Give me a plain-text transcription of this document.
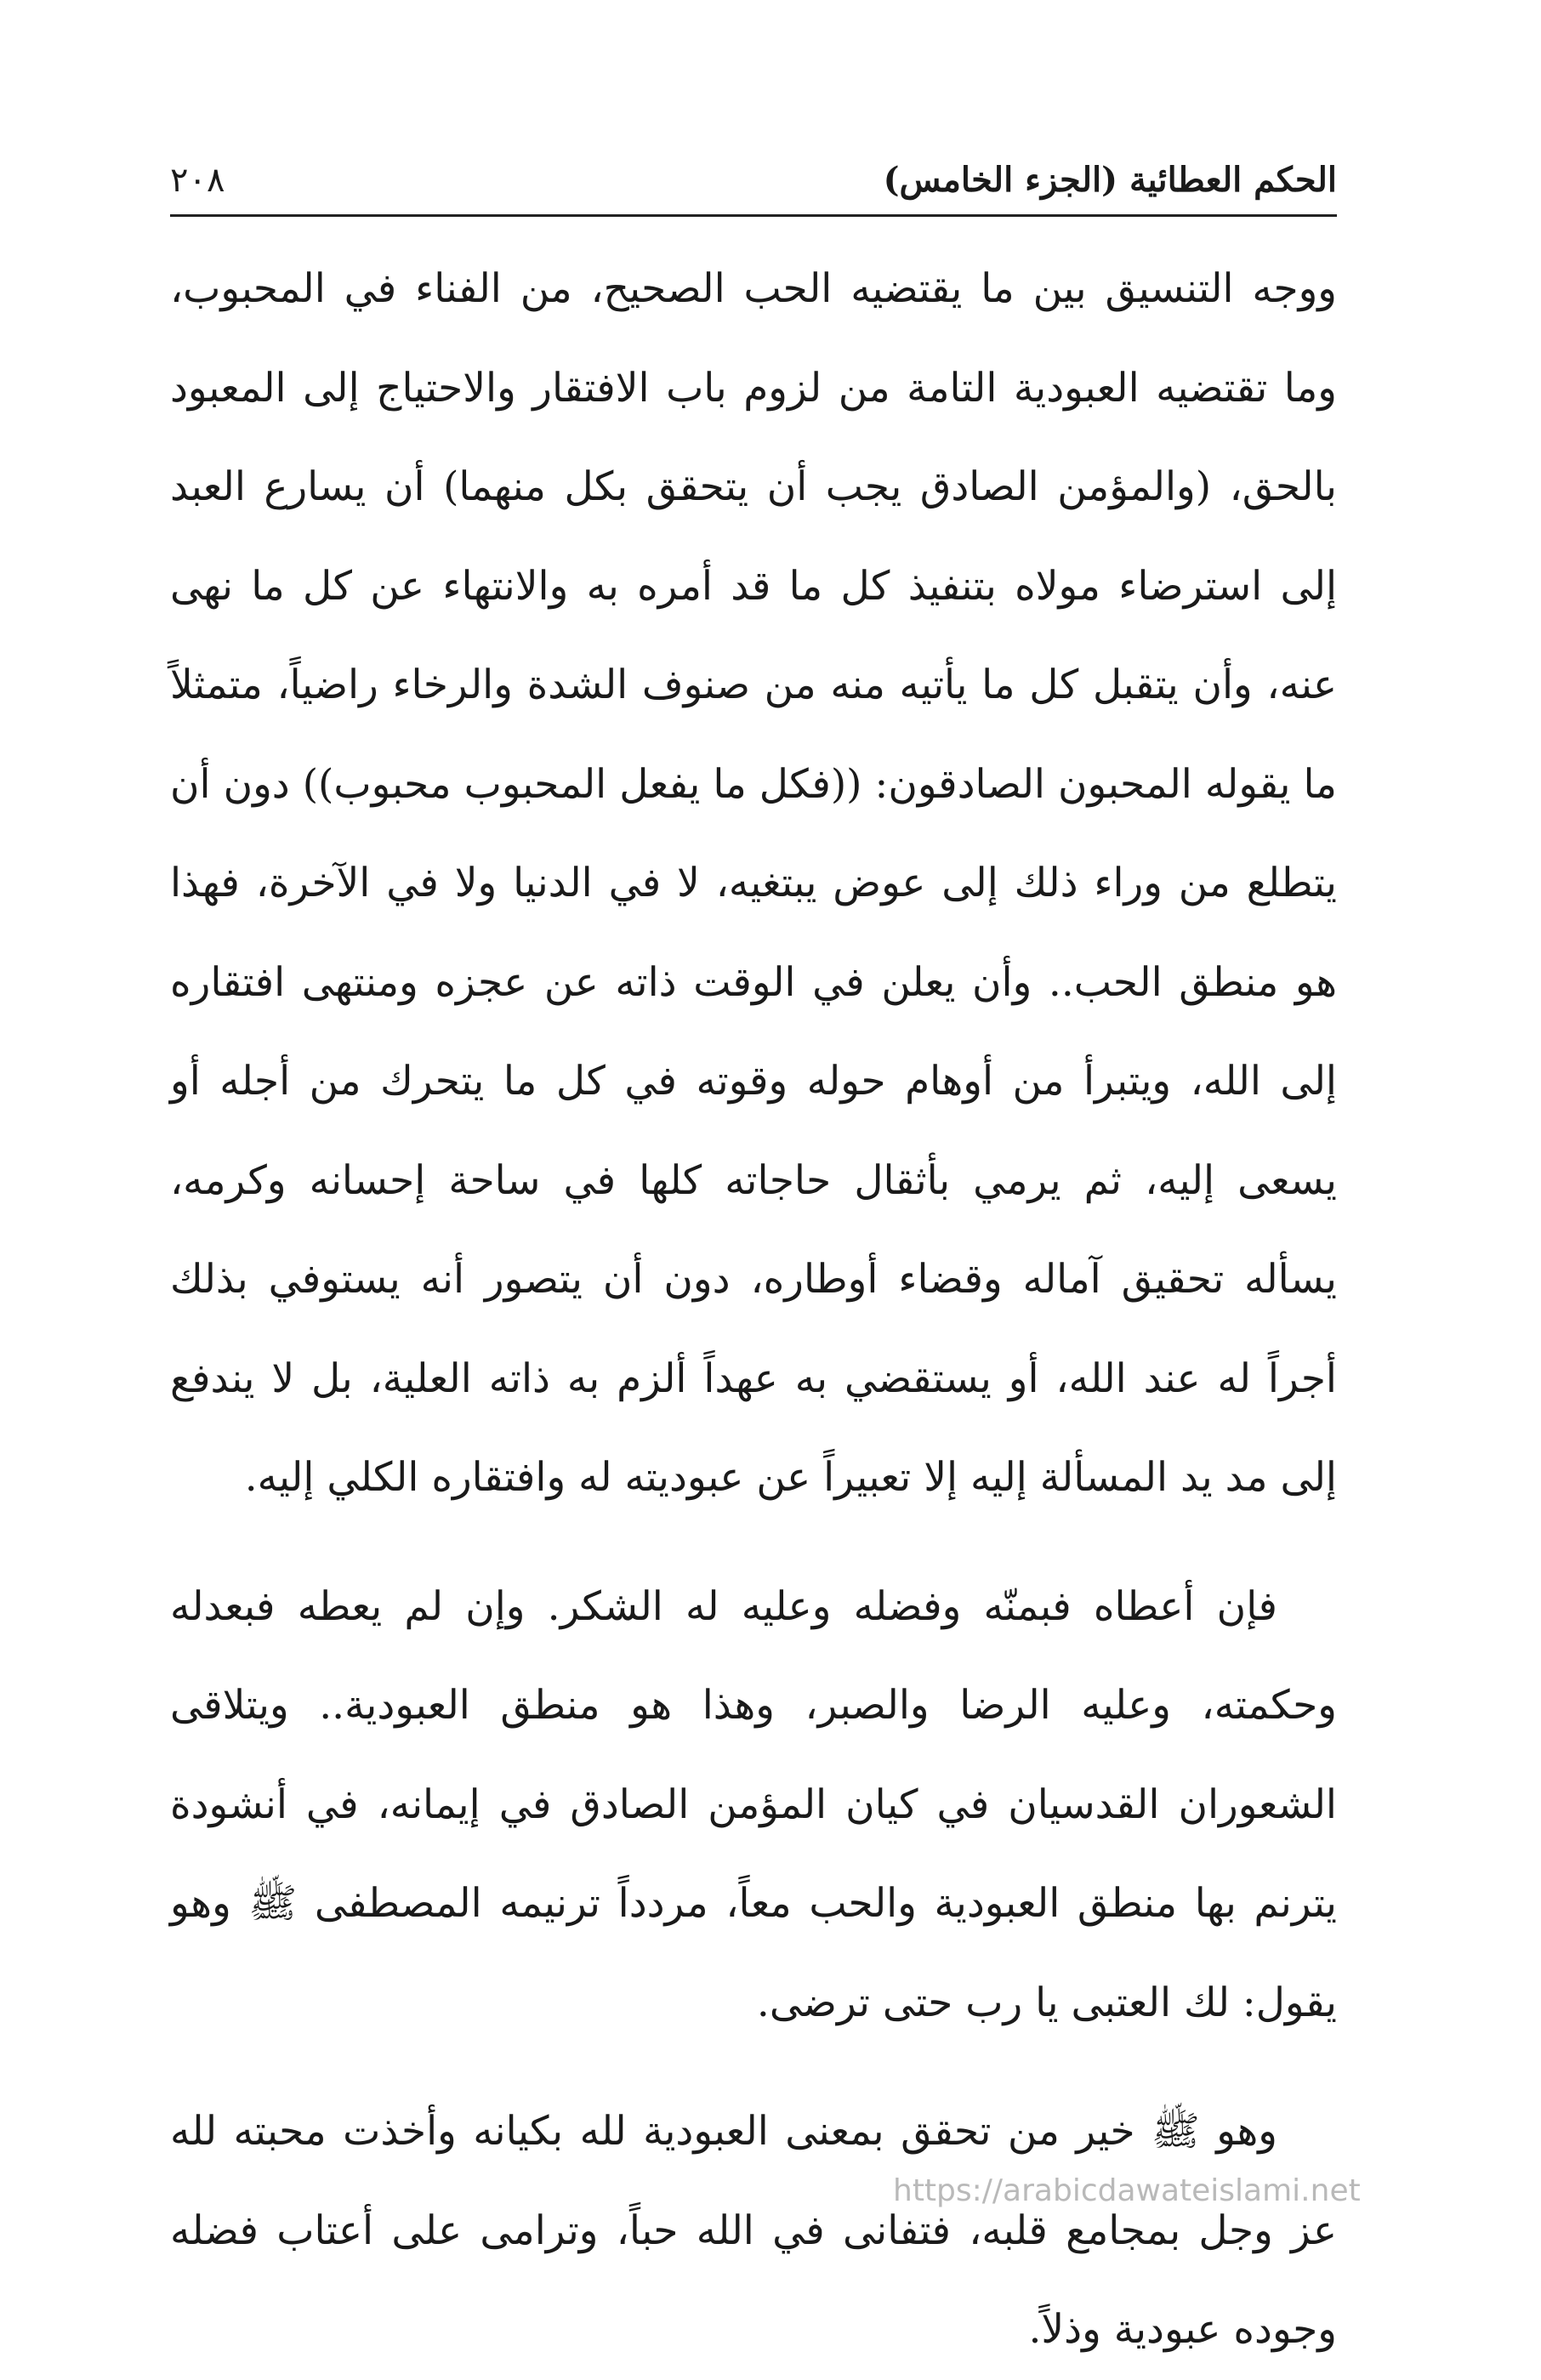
الحكم العطائية (الجزء الخامس)
٢٠٨

ووجه التنسيق بين ما يقتضيه الحب الصحيح، من الفناء في المحبوب، وما تقتضيه العبودية التامة من لزوم باب الافتقار والاحتياج إلى المعبود بالحق، (والمؤمن الصادق يجب أن يتحقق بكل منهما) أن يسارع العبد إلى استرضاء مولاه بتنفيذ كل ما قد أمره به والانتهاء عن كل ما نهى عنه، وأن يتقبل كل ما يأتيه منه من صنوف الشدة والرخاء راضياً، متمثلاً ما يقوله المحبون الصادقون: ((فكل ما يفعل المحبوب محبوب)) دون أن يتطلع من وراء ذلك إلى عوض يبتغيه، لا في الدنيا ولا في الآخرة، فهذا هو منطق الحب.. وأن يعلن في الوقت ذاته عن عجزه ومنتهى افتقاره إلى الله، ويتبرأ من أوهام حوله وقوته في كل ما يتحرك من أجله أو يسعى إليه، ثم يرمي بأثقال حاجاته كلها في ساحة إحسانه وكرمه، يسأله تحقيق آماله وقضاء أوطاره، دون أن يتصور أنه يستوفي بذلك أجراً له عند الله، أو يستقضي به عهداً ألزم به ذاته العلية، بل لا يندفع إلى مد يد المسألة إليه إلا تعبيراً عن عبوديته له وافتقاره الكلي إليه.

فإن أعطاه فبمنّه وفضله وعليه له الشكر. وإن لم يعطه فبعدله وحكمته، وعليه الرضا والصبر، وهذا هو منطق العبودية.. ويتلاقى الشعوران القدسيان في كيان المؤمن الصادق في إيمانه، في أنشودة يترنم بها منطق العبودية والحب معاً، مردداً ترنيمه المصطفى ﷺ وهو يقول: لك العتبى يا رب حتى ترضى.

وهو ﷺ خير من تحقق بمعنى العبودية لله بكيانه وأخذت محبته لله عز وجل بمجامع قلبه، فتفانى في الله حباً، وترامى على أعتاب فضله وجوده عبودية وذلاً.

https://arabicdawateislami.net
